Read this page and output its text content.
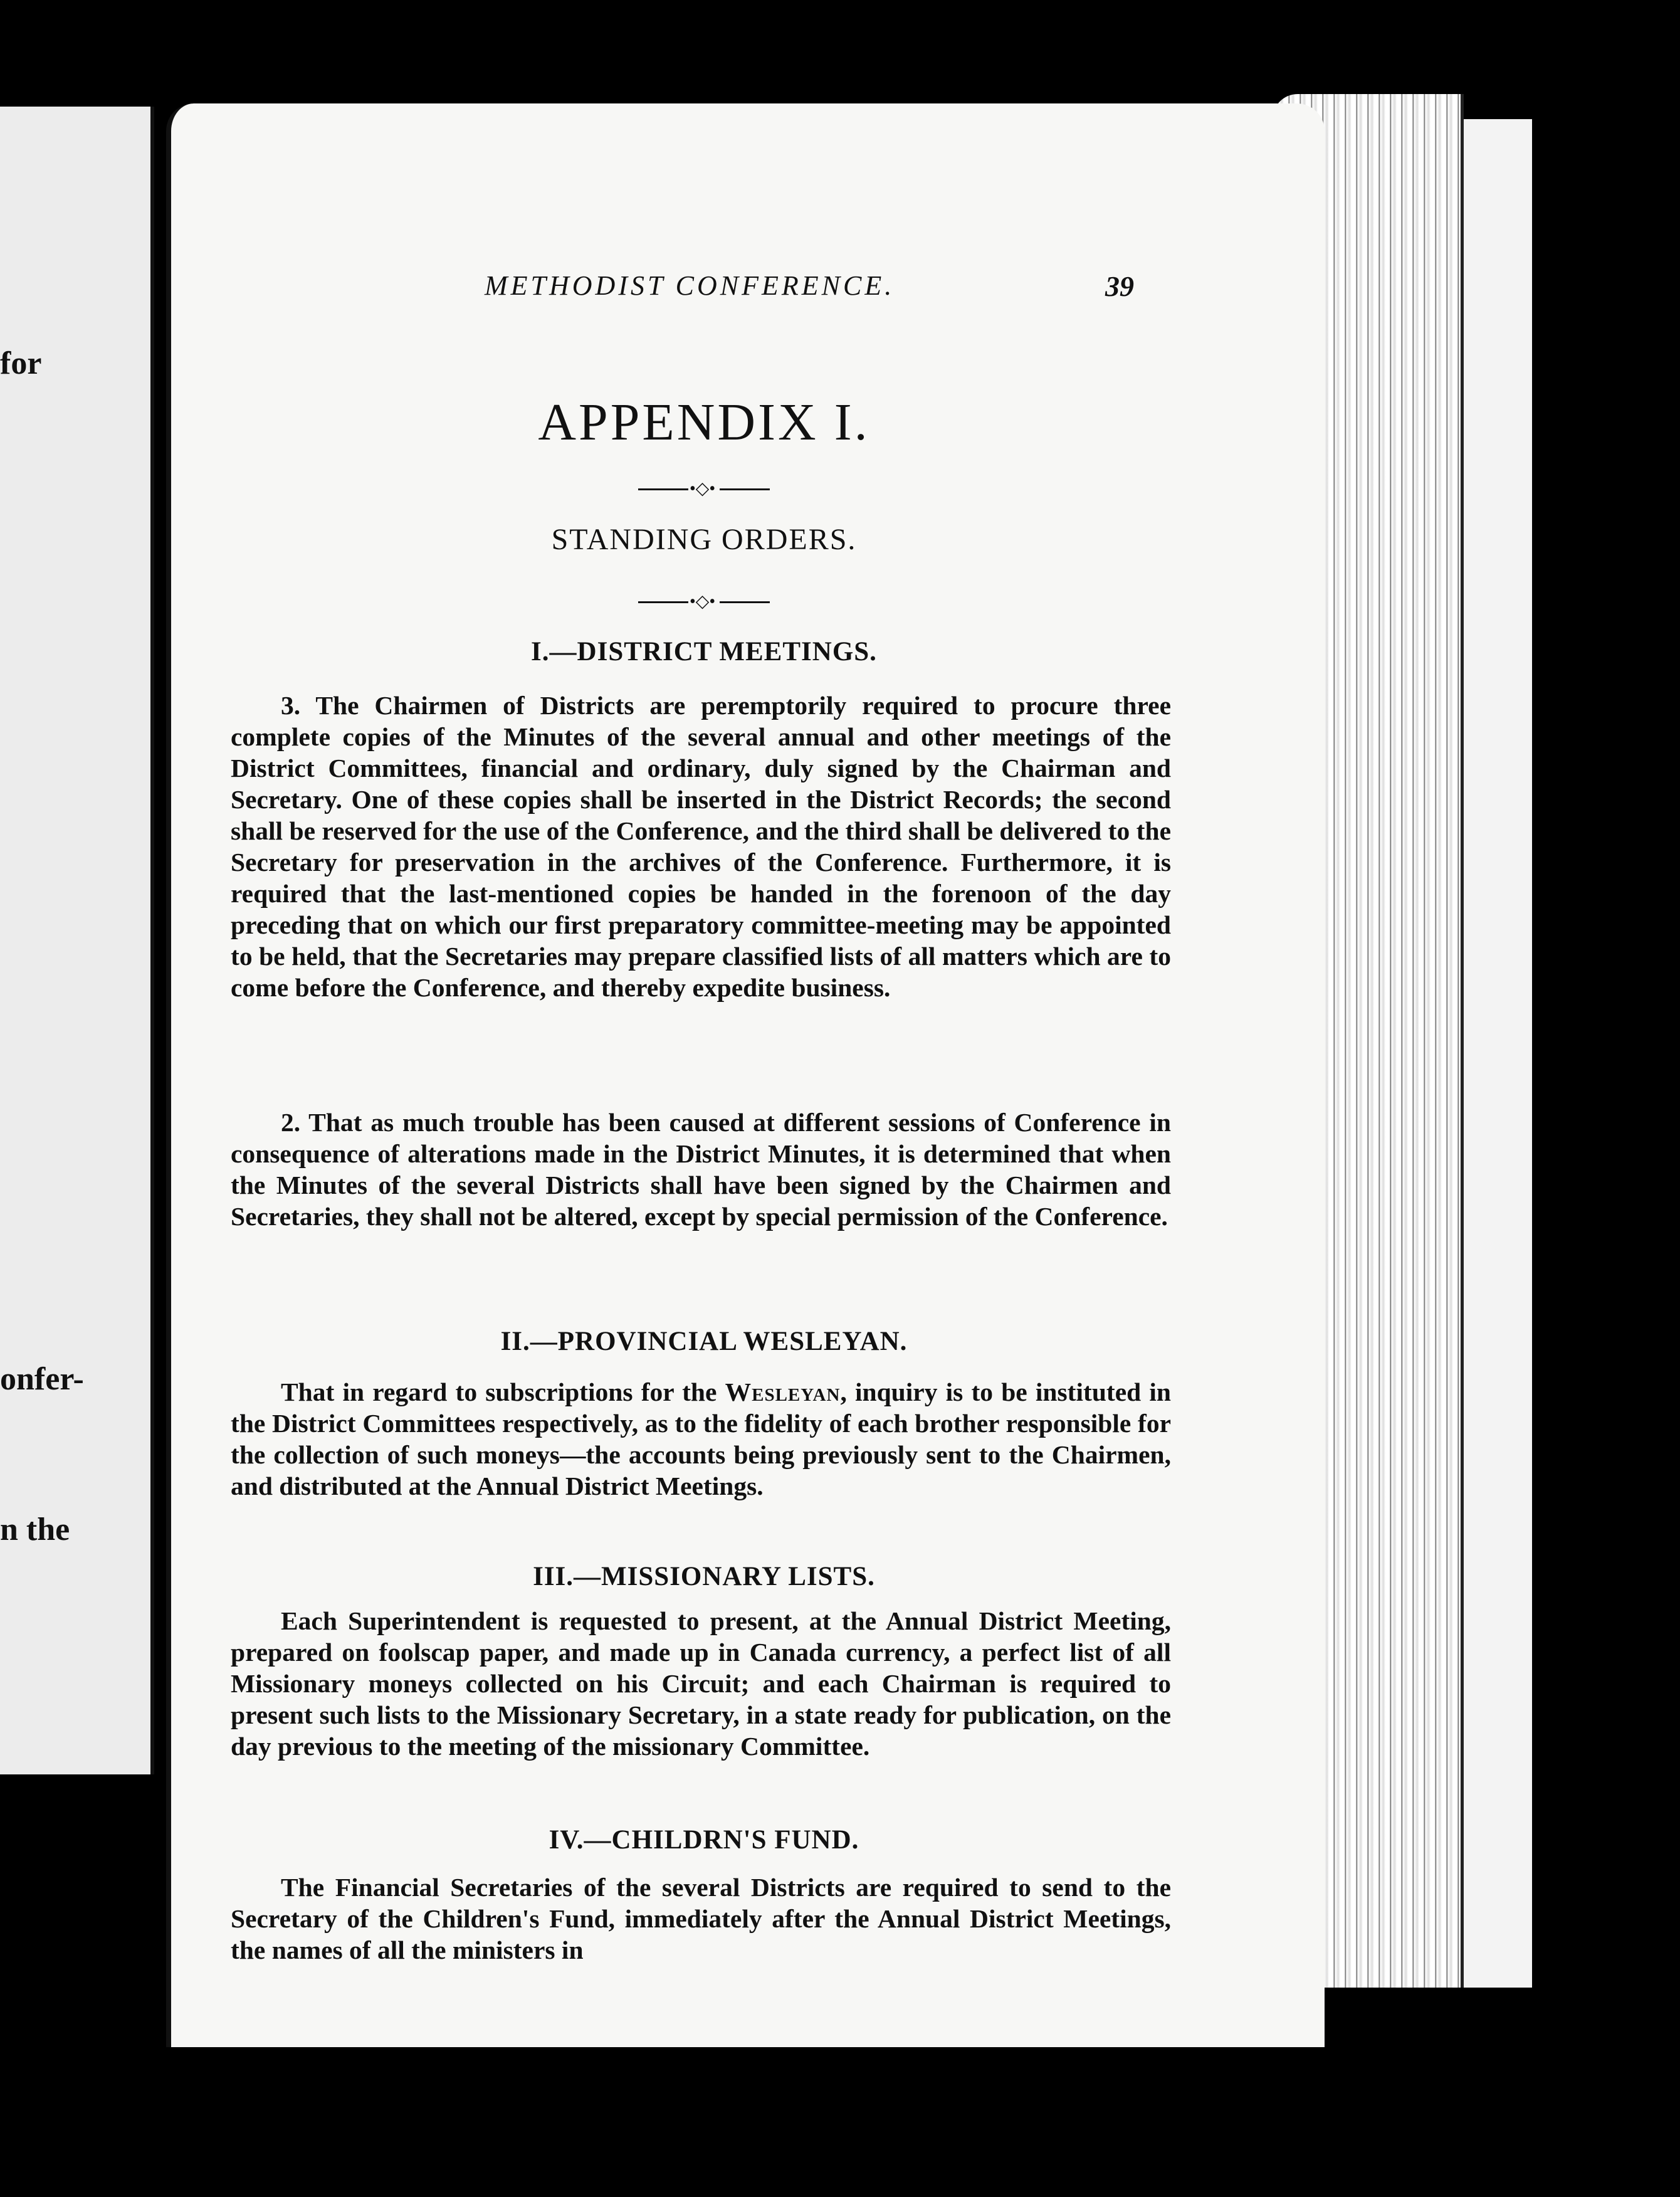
for
onfer-
n the
METHODIST CONFERENCE.	39
APPENDIX I.
•◇•
STANDING ORDERS.
•◇•
I.—DISTRICT MEETINGS.

3. The Chairmen of Districts are peremptorily required to procure three complete copies of the Minutes of the several annual and other meetings of the District Committees, financial and ordinary, duly signed by the Chairman and Secretary. One of these copies shall be inserted in the District Records; the second shall be reserved for the use of the Conference, and the third shall be delivered to the Secretary for preservation in the archives of the Conference. Furthermore, it is required that the last-mentioned copies be handed in the forenoon of the day preceding that on which our first preparatory committee-meeting may be appointed to be held, that the Secretaries may prepare classified lists of all matters which are to come before the Conference, and thereby expedite business.

2. That as much trouble has been caused at different sessions of Conference in consequence of alterations made in the District Minutes, it is determined that when the Minutes of the several Districts shall have been signed by the Chairmen and Secretaries, they shall not be altered, except by special permission of the Conference.

II.—PROVINCIAL WESLEYAN.

That in regard to subscriptions for the Wesleyan, inquiry is to be instituted in the District Committees respectively, as to the fidelity of each brother responsible for the collection of such moneys—the accounts being previously sent to the Chairmen, and distributed at the Annual District Meetings.

III.—MISSIONARY LISTS.

Each Superintendent is requested to present, at the Annual District Meeting, prepared on foolscap paper, and made up in Canada currency, a perfect list of all Missionary moneys collected on his Circuit; and each Chairman is required to present such lists to the Missionary Secretary, in a state ready for publication, on the day previous to the meeting of the missionary Committee.

IV.—CHILDRN'S FUND.

The Financial Secretaries of the several Districts are required to send to the Secretary of the Children's Fund, immediately after the Annual District Meetings, the names of all the ministers in
